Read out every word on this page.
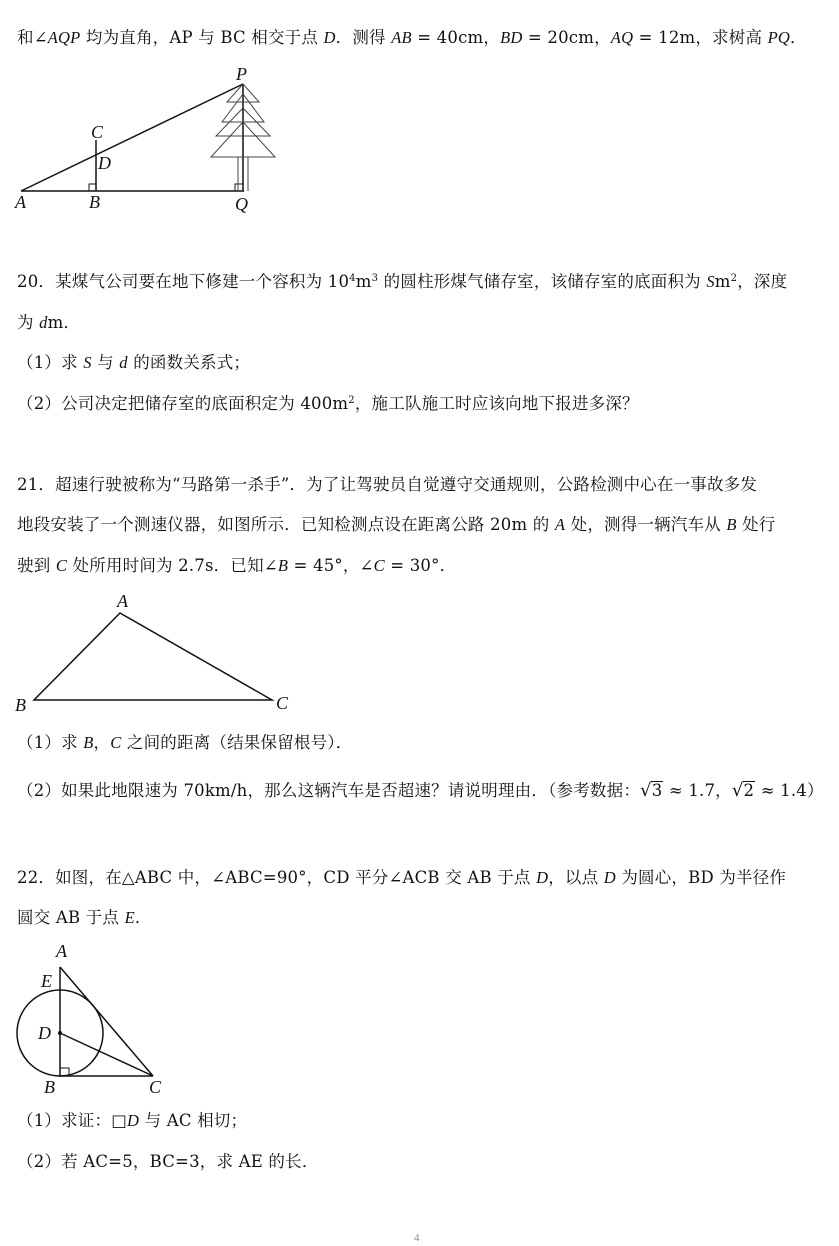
和∠AQP 均为直角，AP 与 BC 相交于点 D．测得 AB = 40cm，BD = 20cm，AQ = 12m，求树高 PQ．
P
C
D
A	B	Q
20．某煤气公司要在地下修建一个容积为 $10^4m^3$ 的圆柱形煤气储存室，该储存室的底面积为 Sm$^2$，深度
为 dm．
（1）求 S 与 d 的函数关系式；
（2）公司决定把储存室的底面积定为 $400m^2$，施工队施工时应该向地下报进多深？
21．超速行驶被称为“马路第一杀手”．为了让驾驶员自觉遵守交通规则，公路检测中心在一事故多发
地段安装了一个测速仪器，如图所示．已知检测点设在距离公路 20m 的 A 处，测得一辆汽车从 B 处行
驶到 C 处所用时间为 2.7s．已知∠B = 45°，∠C = 30°．
A
B	C
（1）求 B，C 之间的距离（结果保留根号）．
（2）如果此地限速为 70km/h，那么这辆汽车是否超速？请说明理由．（参考数据：√3 ≈ 1.7，√2 ≈ 1.4）
22．如图，在△ABC 中，∠ABC=90°，CD 平分∠ACB 交 AB 于点 D，以点 D 为圆心，BD 为半径作
圆交 AB 于点 E．
A
E
D
B	C
（1）求证：□D 与 AC 相切；
（2）若 AC=5，BC=3，求 AE 的长．
4
